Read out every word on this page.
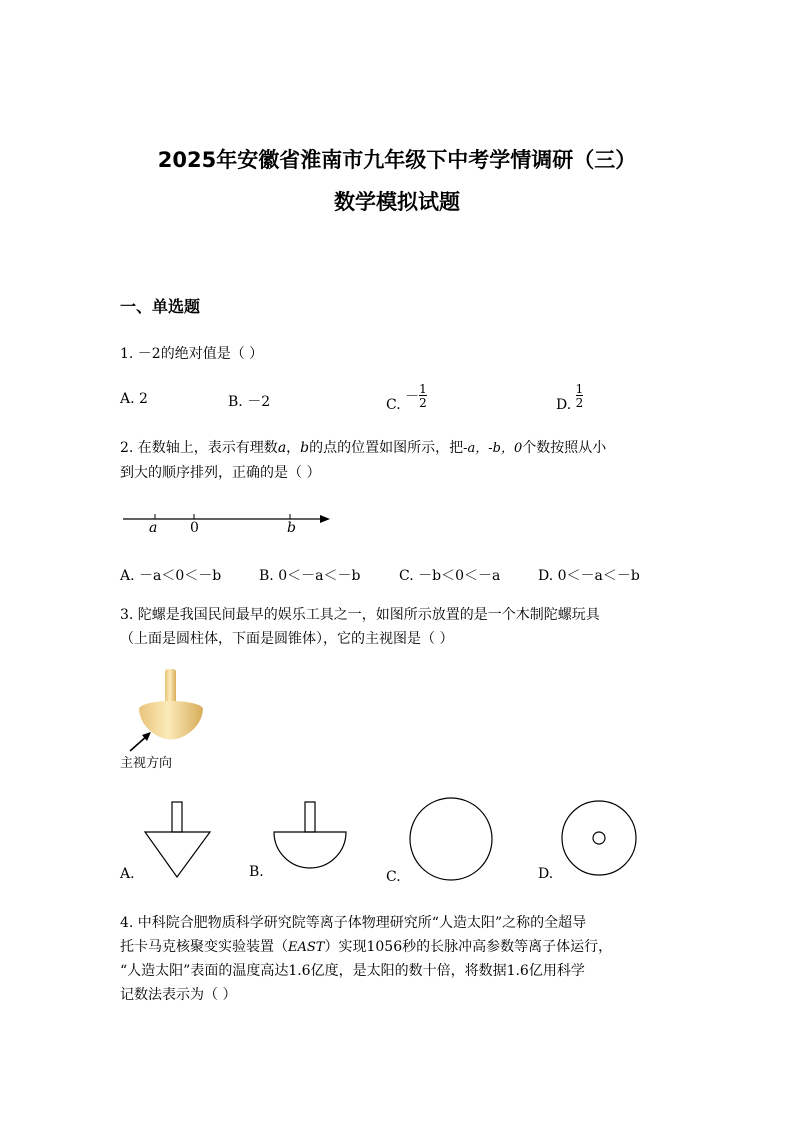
2025年安徽省淮南市九年级下中考学情调研（三）
数学模拟试题
一、单选题
1. －2的绝对值是（ ）
A. 2	B. －2	C. － $\frac{1}{2}$	D. $\frac{1}{2}$
2. 在数轴上，表示有理数a，b的点的位置如图所示，把-a，-b，0个数按照从小
到大的顺序排列，正确的是（ ）
a 0	b
A. －a＜0＜－b	B. 0＜－a＜－b	C. －b＜0＜－a	D. 0＜－a＜－b
3. 陀螺是我国民间最早的娱乐工具之一，如图所示放置的是一个木制陀螺玩具
（上面是圆柱体，下面是圆锥体），它的主视图是（ ）
主视方向
A.	B.	C.	D.
4. 中科院合肥物质科学研究院等离子体物理研究所“人造太阳”之称的全超导
托卡马克核聚变实验装置（EAST）实现1056秒的长脉冲高参数等离子体运行，
“人造太阳”表面的温度高达1.6亿度，是太阳的数十倍，将数据1.6亿用科学
记数法表示为（ ）
